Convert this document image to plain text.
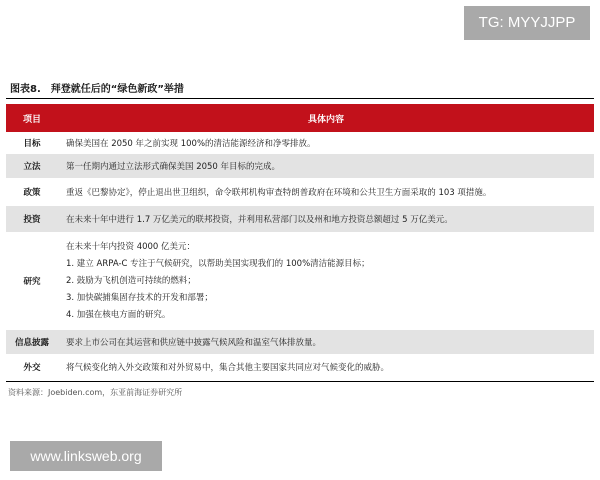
TG: MYYJJPP
图表8. 拜登就任后的“绿色新政”举措
项目	具体内容
目标	确保美国在 2050 年之前实现 100%的清洁能源经济和净零排放。
立法	第一任期内通过立法形式确保美国 2050 年目标的完成。
政策	重返《巴黎协定》，停止退出世卫组织，命令联邦机构审查特朗普政府在环境和公共卫生方面采取的 103 项措施。
投资	在未来十年中进行 1.7 万亿美元的联邦投资，并利用私营部门以及州和地方投资总额超过 5 万亿美元。
研究	在未来十年内投资 4000 亿美元：
1. 建立 ARPA-C 专注于气候研究，以帮助美国实现我们的 100%清洁能源目标；
2. 鼓励为飞机创造可持续的燃料；
3. 加快碳捕集固存技术的开发和部署；
4. 加强在核电方面的研究。

信息披露	要求上市公司在其运营和供应链中披露气候风险和温室气体排放量。
外交	将气候变化纳入外交政策和对外贸易中，集合其他主要国家共同应对气候变化的威胁。
资料来源：Joebiden.com，东亚前海证券研究所
www.linksweb.org
